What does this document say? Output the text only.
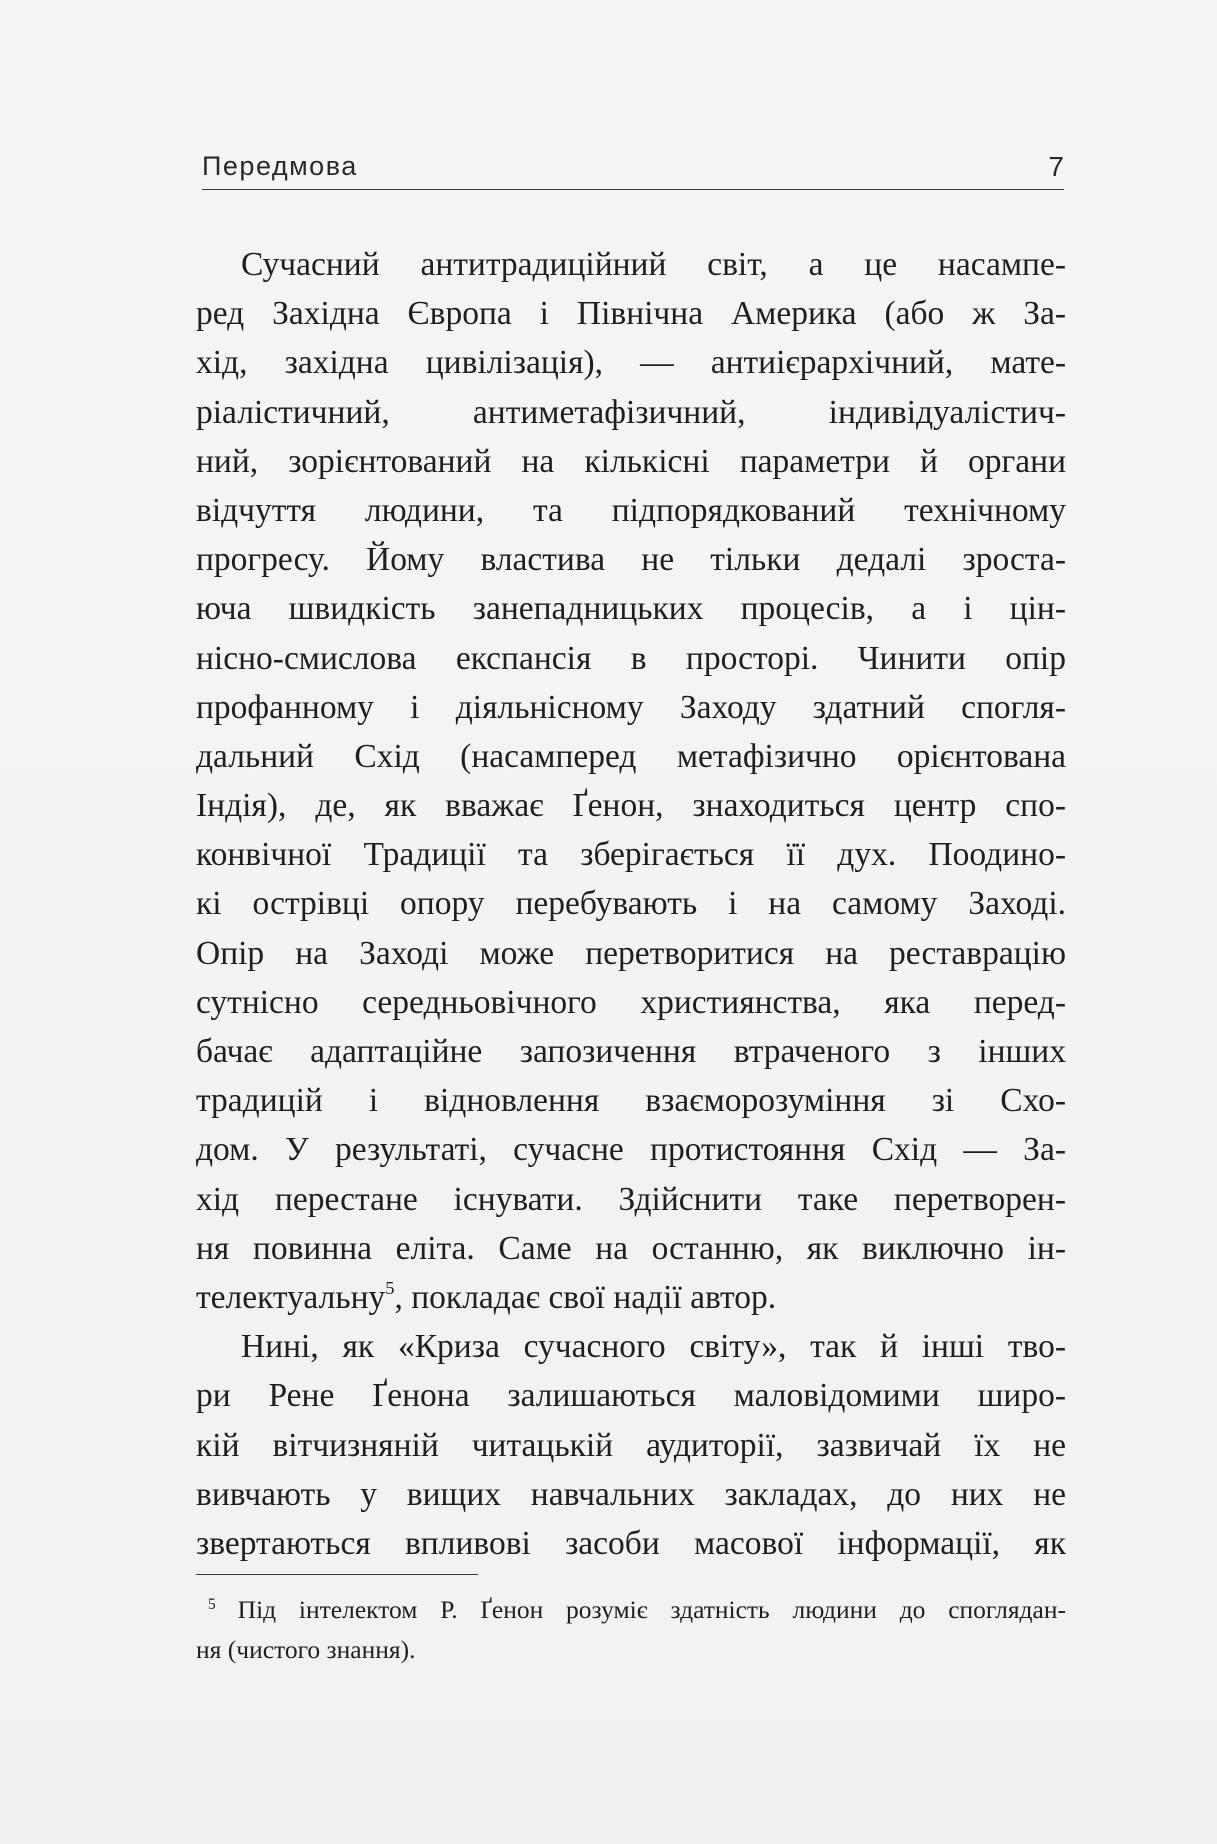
Передмова	7
Сучасний антитрадиційний світ, а це насампе-
ред Західна Європа і Північна Америка (або ж За-
хід, західна цивілізація), — антиієрархічний, мате-
ріалістичний, антиметафізичний, індивідуалістич-
ний, зорієнтований на кількісні параметри й органи
відчуття людини, та підпорядкований технічному
прогресу. Йому властива не тільки дедалі зроста-
юча швидкість занепадницьких процесів, а і цін-
нісно-смислова експансія в просторі. Чинити опір
профанному і діяльнісному Заходу здатний спогля-
дальний Схід (насамперед метафізично орієнтована
Індія), де, як вважає Ґенон, знаходиться центр спо-
конвічної Традиції та зберігається її дух. Поодино-
кі острівці опору перебувають і на самому Заході.
Опір на Заході може перетворитися на реставрацію
сутнісно середньовічного християнства, яка перед-
бачає адаптаційне запозичення втраченого з інших
традицій і відновлення взаєморозуміння зі Схо-
дом. У результаті, сучасне протистояння Схід — За-
хід перестане існувати. Здійснити таке перетворен-
ня повинна еліта. Саме на останню, як виключно ін-
телектуальну$^5$, покладає свої надії автор.
Нині, як «Криза сучасного світу», так й інші тво-
ри Рене Ґенона залишаються маловідомими широ-
кій вітчизняній читацькій аудиторії, зазвичай їх не
вивчають у вищих навчальних закладах, до них не
звертаються впливові засоби масової інформації, як
5 Під інтелектом Р. Ґенон розуміє здатність людини до споглядан-
ня (чистого знання).
